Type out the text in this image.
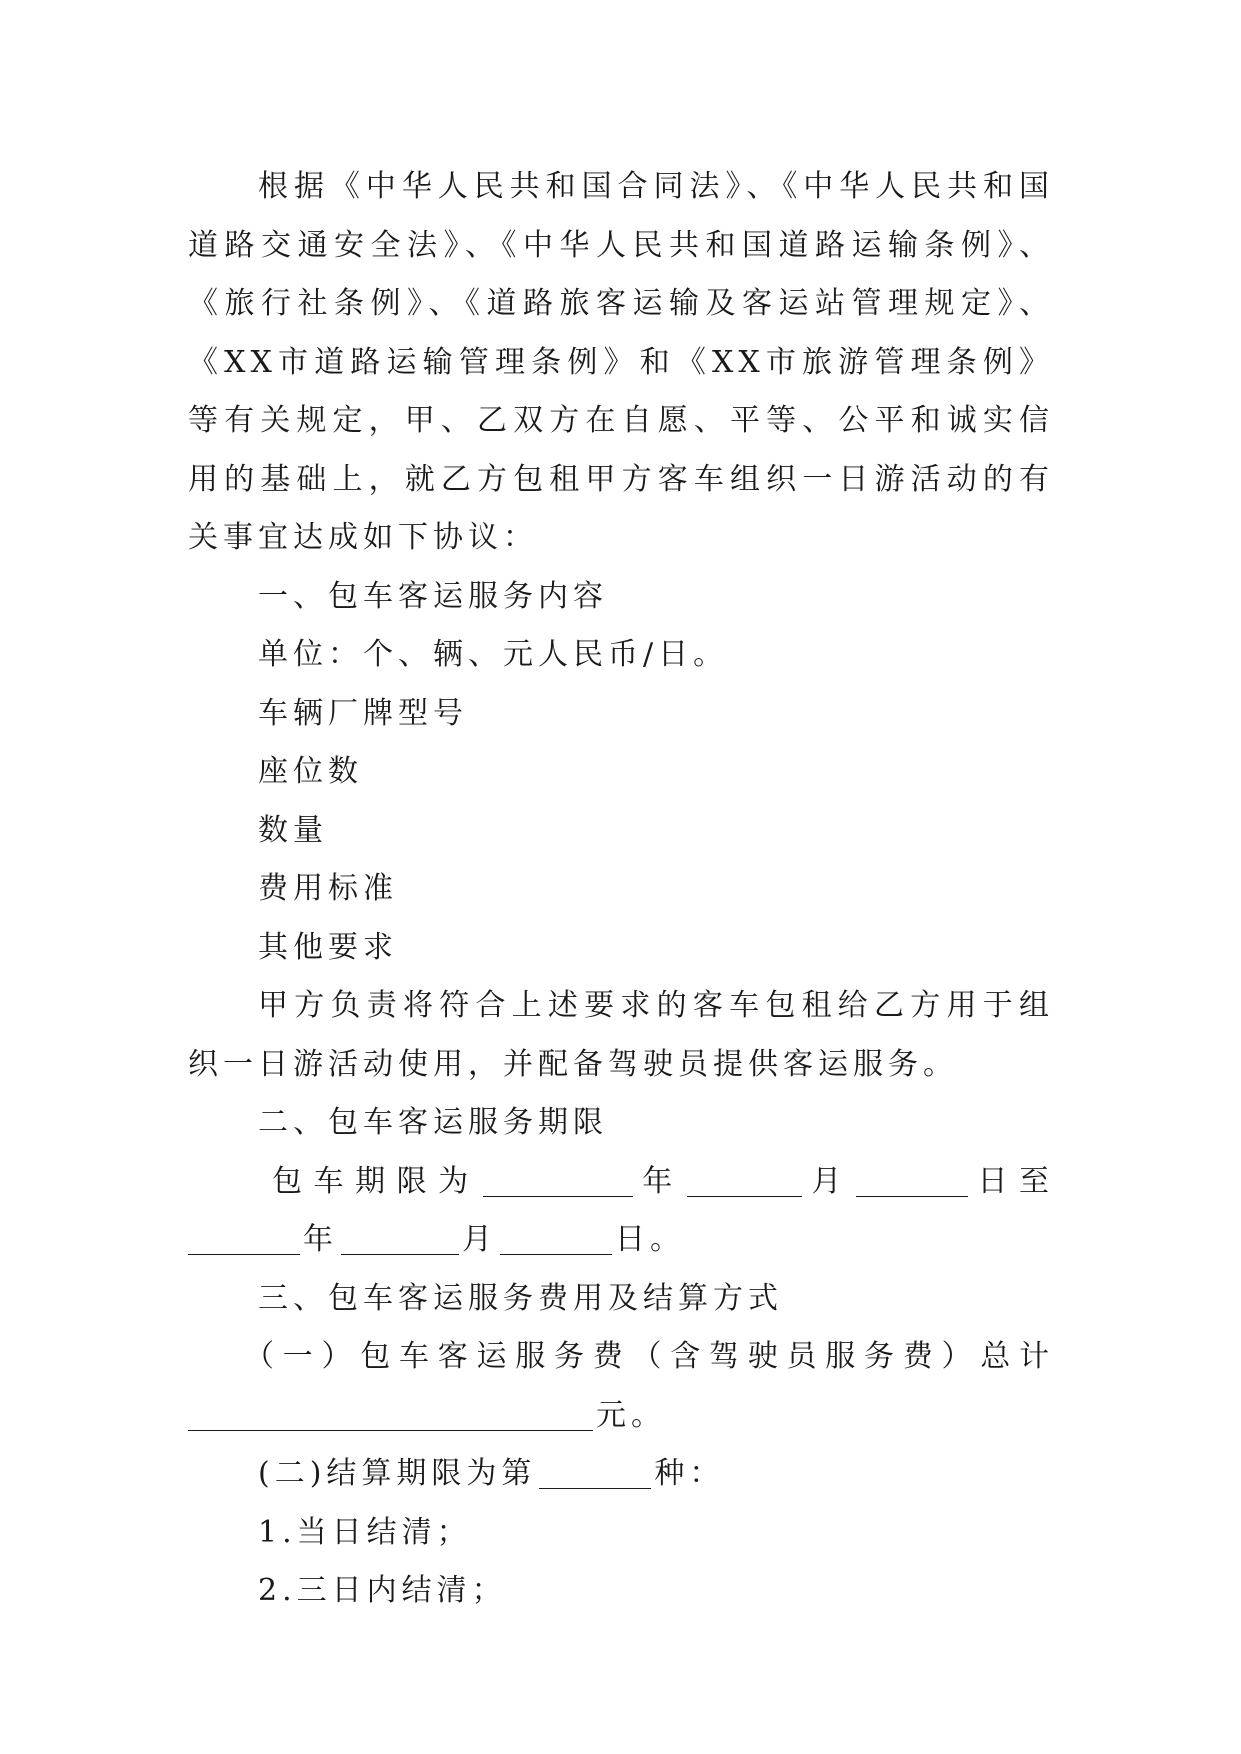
根据《中华人民共和国合同法》、《中华人民共和国道路交通安全法》、《中华人民共和国道路运输条例》、《旅行社条例》、《道路旅客运输及客运站管理规定》、《XX市道路运输管理条例》和《XX市旅游管理条例》等有关规定，甲、乙双方在自愿、平等、公平和诚实信用的基础上，就乙方包租甲方客车组织一日游活动的有关事宜达成如下协议：

一、包车客运服务内容

单位：个、辆、元人民币/日。

车辆厂牌型号

座位数

数量

费用标准

其他要求

甲方负责将符合上述要求的客车包租给乙方用于组织一日游活动使用，并配备驾驶员提供客运服务。

二、包车客运服务期限

包车期限为	年	月	日至年	月	日。

三、包车客运服务费用及结算方式

（一）包车客运服务费（含驾驶员服务费）总计元。

(二)结算期限为第	种：

1.当日结清；

2.三日内结清；
